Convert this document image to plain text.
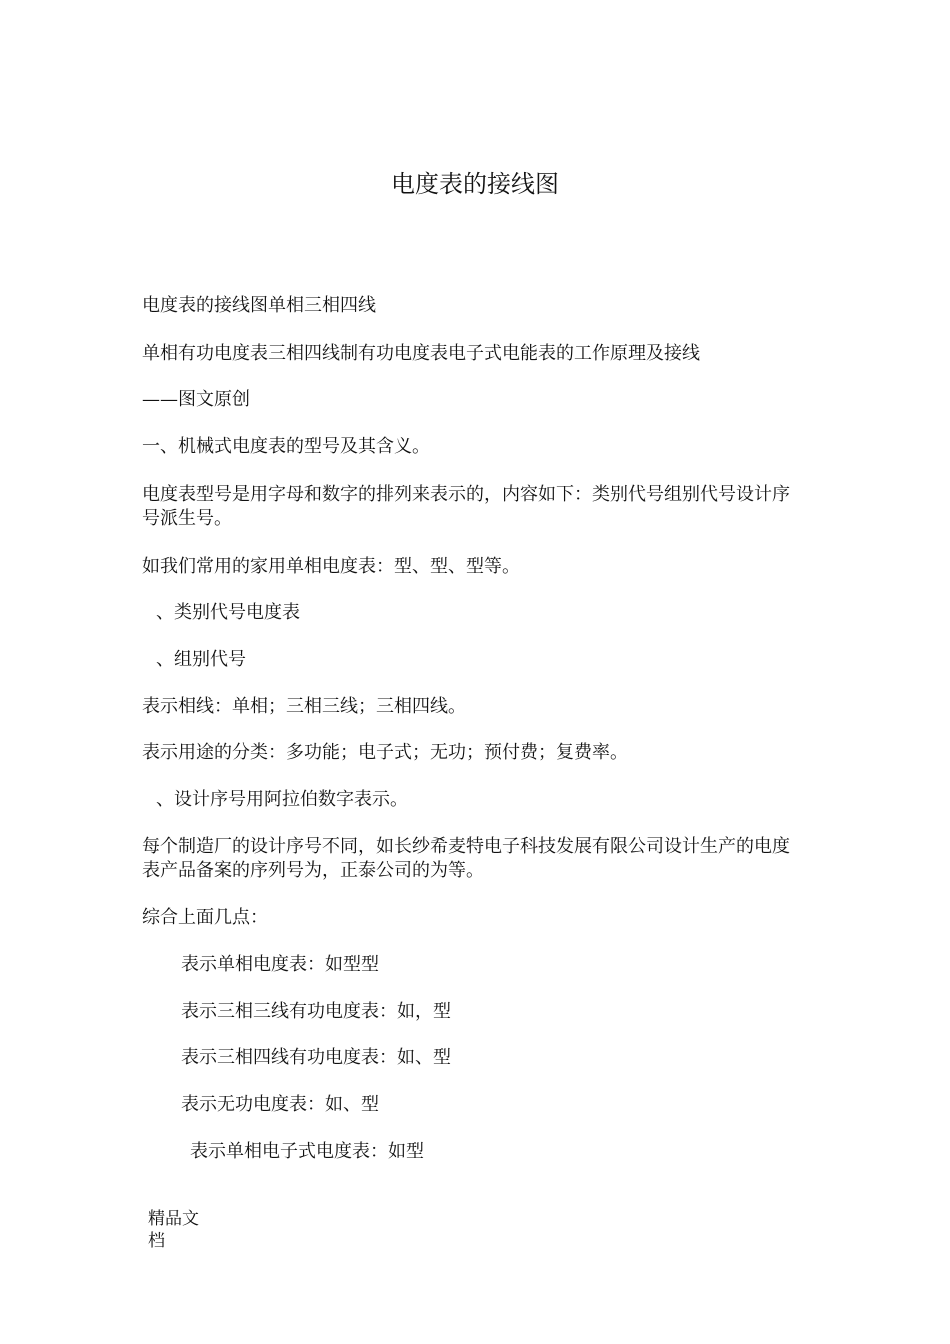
电度表的接线图

电度表的接线图单相三相四线

单相有功电度表三相四线制有功电度表电子式电能表的工作原理及接线

——图文原创

一、机械式电度表的型号及其含义。

电度表型号是用字母和数字的排列来表示的，内容如下：类别代号组别代号设计序号派生号。

如我们常用的家用单相电度表：型、型、型等。

、类别代号电度表

、组别代号

表示相线：单相；三相三线；三相四线。

表示用途的分类：多功能；电子式；无功；预付费；复费率。

、设计序号用阿拉伯数字表示。

每个制造厂的设计序号不同，如长纱希麦特电子科技发展有限公司设计生产的电度表产品备案的序列号为，正泰公司的为等。

综合上面几点：

表示单相电度表：如型型

表示三相三线有功电度表：如，型

表示三相四线有功电度表：如、型

表示无功电度表：如、型

表示单相电子式电度表：如型

精品文档
